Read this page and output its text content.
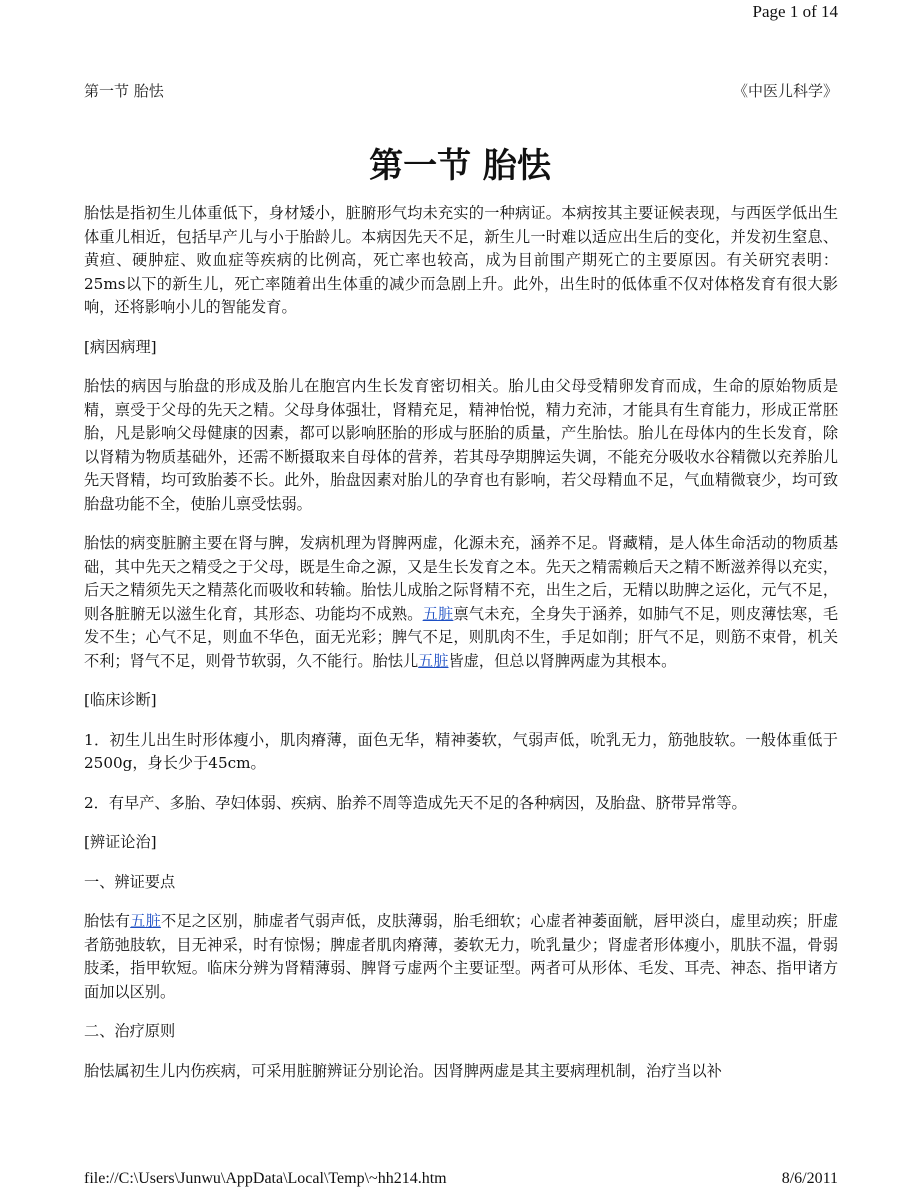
Page 1 of 14
第一节 胎怯	《中医儿科学》
第一节 胎怯

胎怯是指初生儿体重低下，身材矮小，脏腑形气均未充实的一种病证。本病按其主要证候表现，与西医学低出生体重儿相近，包括早产儿与小于胎龄儿。本病因先天不足，新生儿一时难以适应出生后的变化，并发初生窒息、黄疸、硬肿症、败血症等疾病的比例高，死亡率也较高，成为目前围产期死亡的主要原因。有关研究表明：25ms以下的新生儿，死亡率随着出生体重的减少而急剧上升。此外，出生时的低体重不仅对体格发育有很大影响，还将影响小儿的智能发育。

[病因病理]

胎怯的病因与胎盘的形成及胎儿在胞宫内生长发育密切相关。胎儿由父母受精卵发育而成，生命的原始物质是精，禀受于父母的先天之精。父母身体强壮，肾精充足，精神怡悦，精力充沛，才能具有生育能力，形成正常胚胎，凡是影响父母健康的因素，都可以影响胚胎的形成与胚胎的质量，产生胎怯。胎儿在母体内的生长发育，除以肾精为物质基础外，还需不断摄取来自母体的营养，若其母孕期脾运失调，不能充分吸收水谷精微以充养胎儿先天肾精，均可致胎萎不长。此外，胎盘因素对胎儿的孕育也有影响，若父母精血不足，气血精微衰少，均可致胎盘功能不全，使胎儿禀受怯弱。

胎怯的病变脏腑主要在肾与脾，发病机理为肾脾两虚，化源未充，涵养不足。肾藏精，是人体生命活动的物质基础，其中先天之精受之于父母，既是生命之源，又是生长发育之本。先天之精需赖后天之精不断滋养得以充实，后天之精须先天之精蒸化而吸收和转输。胎怯儿成胎之际肾精不充，出生之后，无精以助脾之运化，元气不足，则各脏腑无以滋生化育，其形态、功能均不成熟。五脏禀气未充，全身失于涵养，如肺气不足，则皮薄怯寒，毛发不生；心气不足，则血不华色，面无光彩；脾气不足，则肌肉不生，手足如削；肝气不足，则筋不束骨，机关不利；肾气不足，则骨节软弱，久不能行。胎怯儿五脏皆虚，但总以肾脾两虚为其根本。

[临床诊断]

1．初生儿出生时形体瘦小，肌肉瘠薄，面色无华，精神萎软，气弱声低，吮乳无力，筋弛肢软。一般体重低于2500g，身长少于45cm。

2．有早产、多胎、孕妇体弱、疾病、胎养不周等造成先天不足的各种病因，及胎盘、脐带异常等。

[辨证论治]

一、辨证要点

胎怯有五脏不足之区别，肺虚者气弱声低，皮肤薄弱，胎毛细软；心虚者神萎面觥，唇甲淡白，虚里动疾；肝虚者筋弛肢软，目无神采，时有惊惕；脾虚者肌肉瘠薄，萎软无力，吮乳量少；肾虚者形体瘦小，肌肤不温，骨弱肢柔，指甲软短。临床分辨为肾精薄弱、脾肾亏虚两个主要证型。两者可从形体、毛发、耳壳、神态、指甲诸方面加以区别。

二、治疗原则

胎怯属初生儿内伤疾病，可采用脏腑辨证分别论治。因肾脾两虚是其主要病理机制，治疗当以补

file://C:\Users\Junwu\AppData\Local\Temp\~hh214.htm	8/6/2011
